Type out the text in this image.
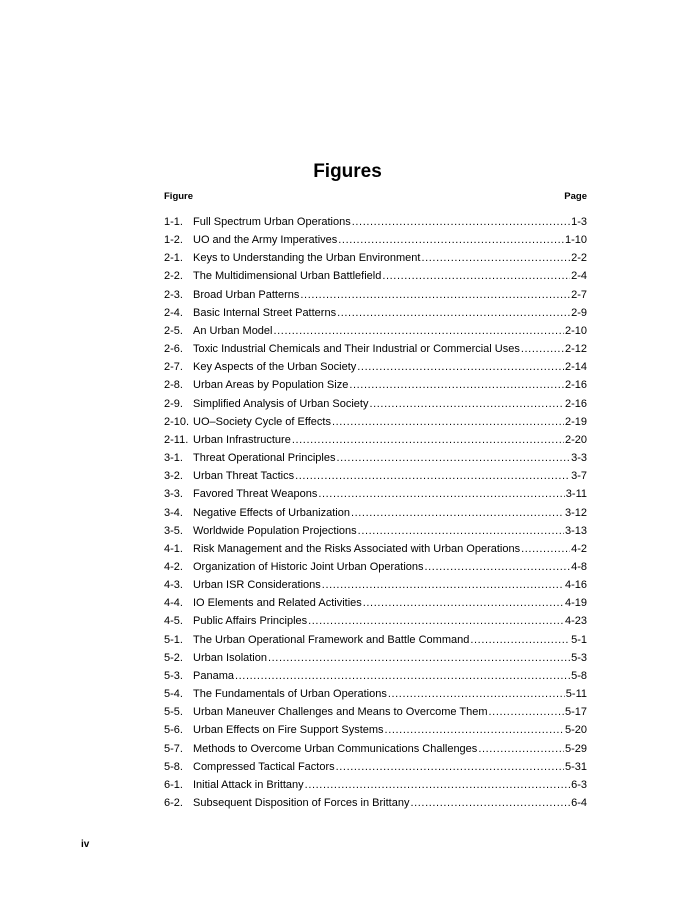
Figures
Figure	Page
1-1. Full Spectrum Urban Operations .....	1-3
1-2. UO and the Army Imperatives .....	1-10
2-1. Keys to Understanding the Urban Environment .....	2-2
2-2. The Multidimensional Urban Battlefield .....	2-4
2-3. Broad Urban Patterns .....	2-7
2-4. Basic Internal Street Patterns .....	2-9
2-5. An Urban Model .....	2-10
2-6. Toxic Industrial Chemicals and Their Industrial or Commercial Uses .....	2-12
2-7. Key Aspects of the Urban Society .....	2-14
2-8. Urban Areas by Population Size .....	2-16
2-9. Simplified Analysis of Urban Society .....	2-16
2-10. UO–Society Cycle of Effects .....	2-19
2-11. Urban Infrastructure .....	2-20
3-1. Threat Operational Principles .....	3-3
3-2. Urban Threat Tactics .....	3-7
3-3. Favored Threat Weapons .....	3-11
3-4. Negative Effects of Urbanization .....	3-12
3-5. Worldwide Population Projections .....	3-13
4-1. Risk Management and the Risks Associated with Urban Operations .....	4-2
4-2. Organization of Historic Joint Urban Operations .....	4-8
4-3. Urban ISR Considerations .....	4-16
4-4. IO Elements and Related Activities .....	4-19
4-5. Public Affairs Principles .....	4-23
5-1. The Urban Operational Framework and Battle Command .....	5-1
5-2. Urban Isolation .....	5-3
5-3. Panama .....	5-8
5-4. The Fundamentals of Urban Operations .....	5-11
5-5. Urban Maneuver Challenges and Means to Overcome Them .....	5-17
5-6. Urban Effects on Fire Support Systems .....	5-20
5-7. Methods to Overcome Urban Communications Challenges .....	5-29
5-8. Compressed Tactical Factors .....	5-31
6-1. Initial Attack in Brittany .....	6-3
6-2. Subsequent Disposition of Forces in Brittany .....	6-4
iv
